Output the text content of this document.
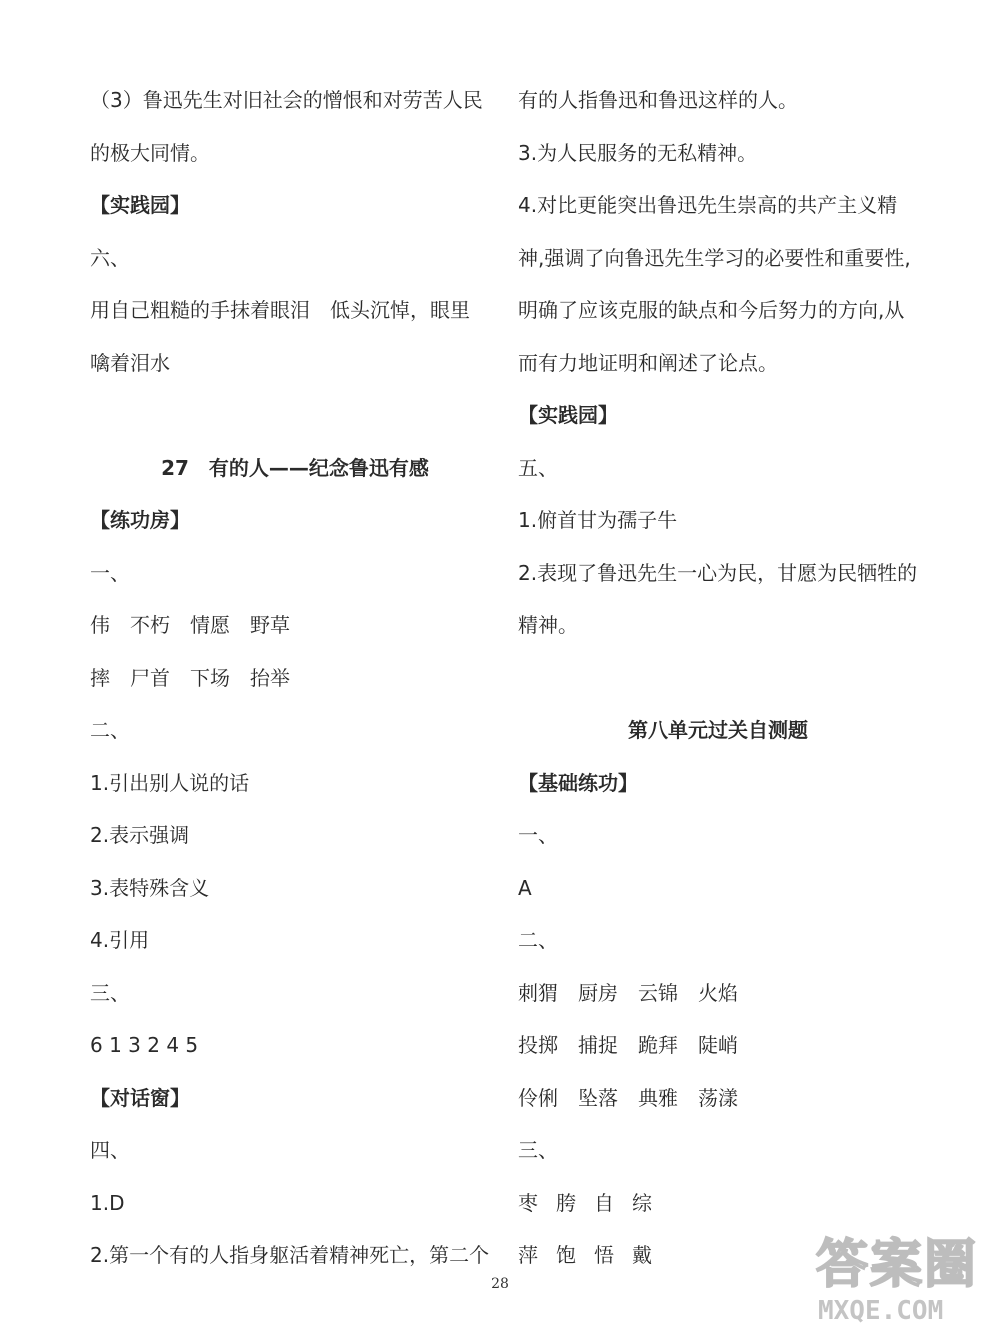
（3）鲁迅先生对旧社会的憎恨和对劳苦人民
的极大同情。
【实践园】
六、
用自己粗糙的手抹着眼泪　低头沉悼，眼里
噙着泪水
27　有的人——纪念鲁迅有感
【练功房】
一、
伟 不朽 情愿 野草
摔 尸首 下场 抬举
二、
1.引出别人说的话
2.表示强调
3.表特殊含义
4.引用
三、
6 1 3 2 4 5
【对话窗】
四、
1.D
2.第一个有的人指身躯活着精神死亡，第二个
有的人指鲁迅和鲁迅这样的人。
3.为人民服务的无私精神。
4.对比更能突出鲁迅先生崇高的共产主义精
神,强调了向鲁迅先生学习的必要性和重要性,
明确了应该克服的缺点和今后努力的方向,从
而有力地证明和阐述了论点。
【实践园】
五、
1.俯首甘为孺子牛
2.表现了鲁迅先生一心为民，甘愿为民牺牲的
精神。
第八单元过关自测题
【基础练功】
一、
A
二、
刺猬 厨房 云锦 火焰
投掷 捕捉 跪拜 陡峭
伶俐 坠落 典雅 荡漾
三、
枣 胯 自 综
萍 饱 悟 戴
28	答案圈
MXQE.COM
